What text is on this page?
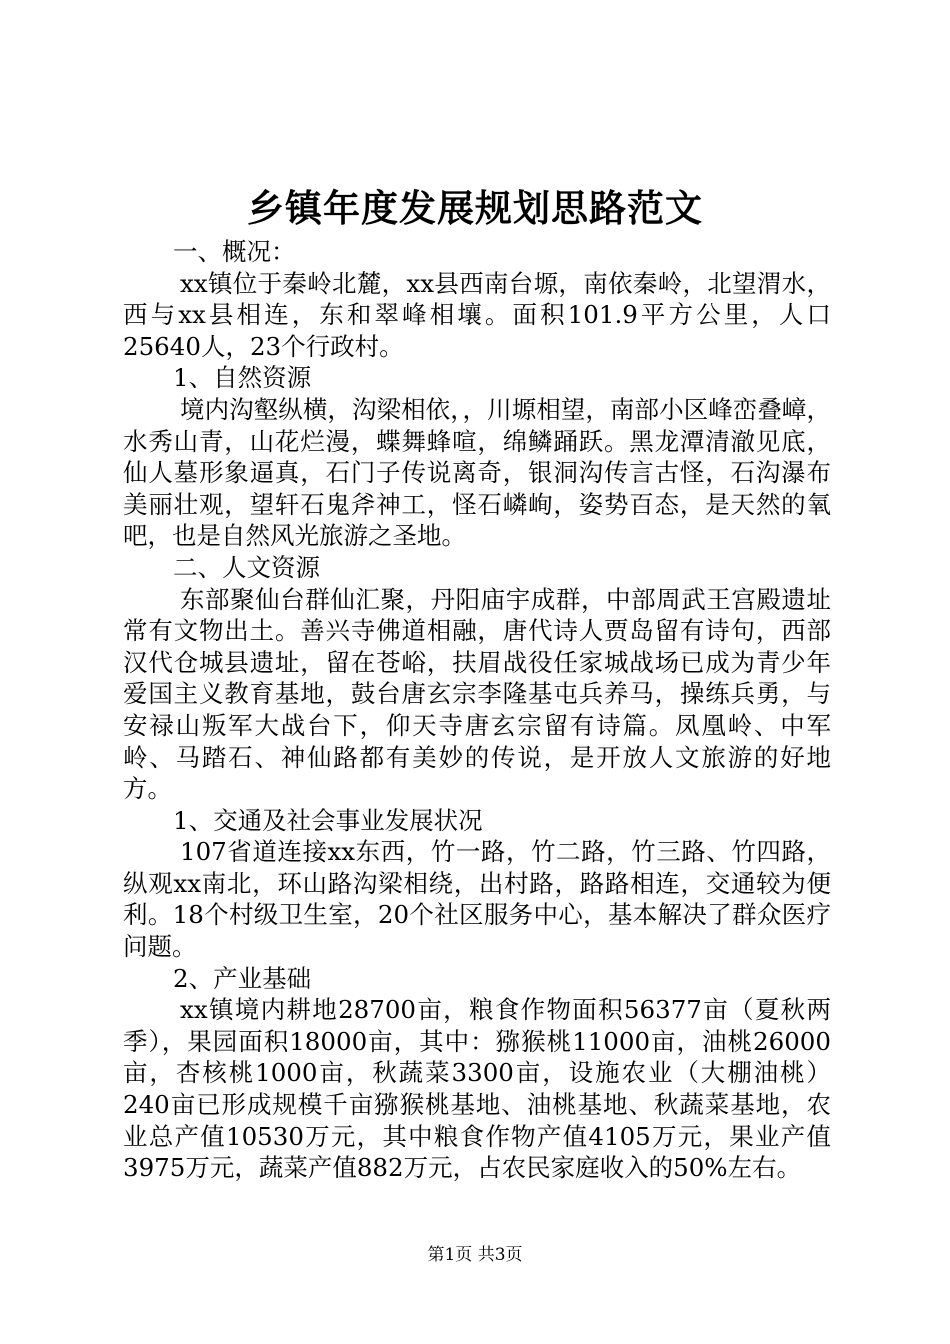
乡镇年度发展规划思路范文

一、概况：

xx镇位于秦岭北麓，xx县西南台塬，南依秦岭，北望渭水，西与xx县相连，东和翠峰相壤。面积101.9平方公里，人口25640人，23个行政村。

1、自然资源

境内沟壑纵横，沟梁相依，，川塬相望，南部小区峰峦叠嶂，水秀山青，山花烂漫，蝶舞蜂喧，绵鳞踊跃。黑龙潭清澈见底，仙人墓形象逼真，石门子传说离奇，银洞沟传言古怪，石沟瀑布美丽壮观，望轩石鬼斧神工，怪石嶙峋，姿势百态，是天然的氧吧，也是自然风光旅游之圣地。

二、人文资源

东部聚仙台群仙汇聚，丹阳庙宇成群，中部周武王宫殿遗址常有文物出土。善兴寺佛道相融，唐代诗人贾岛留有诗句，西部汉代仓城县遗址，留在苍峪，扶眉战役任家城战场已成为青少年爱国主义教育基地，鼓台唐玄宗李隆基屯兵养马，操练兵勇，与安禄山叛军大战台下，仰天寺唐玄宗留有诗篇。凤凰岭、中军岭、马踏石、神仙路都有美妙的传说，是开放人文旅游的好地方。

1、交通及社会事业发展状况

107省道连接xx东西，竹一路，竹二路，竹三路、竹四路，纵观xx南北，环山路沟梁相绕，出村路，路路相连，交通较为便利。18个村级卫生室，20个社区服务中心，基本解决了群众医疗问题。

2、产业基础

xx镇境内耕地28700亩，粮食作物面积56377亩（夏秋两季），果园面积18000亩，其中：猕猴桃11000亩，油桃26000亩，杏核桃1000亩，秋蔬菜3300亩，设施农业（大棚油桃）240亩已形成规模千亩猕猴桃基地、油桃基地、秋蔬菜基地，农业总产值10530万元，其中粮食作物产值4105万元，果业产值3975万元，蔬菜产值882万元，占农民家庭收入的50%左右。

第1页 共3页
